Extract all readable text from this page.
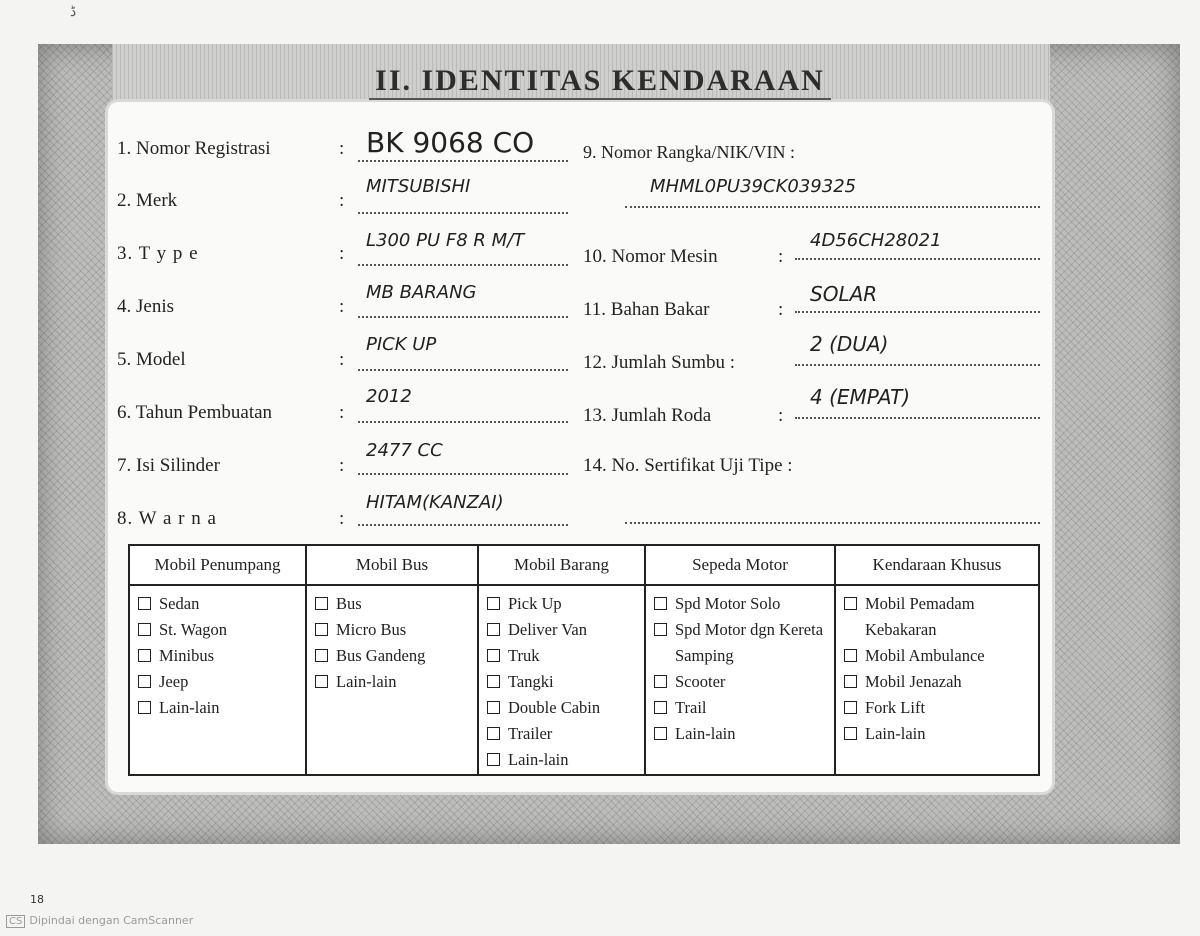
II. IDENTITAS KENDARAAN
1. Nomor Registrasi	: BK 9068 CO
2. Merk	:
MITSUBISHI
3. T y p e	:
L300 PU F8 R M/T
4. Jenis	:
MB BARANG
5. Model	:
PICK UP
6. Tahun Pembuatan	:
2012
7. Isi Silinder	:
2477 CC
8. W a r n a	:
HITAM(KANZAI)
9. Nomor Rangka/NIK/VIN :
MHML0PU39CK039325
10. Nomor Mesin	:
4D56CH28021
11. Bahan Bakar	:
SOLAR
12. Jumlah Sumbu :
2 (DUA)
13. Jumlah Roda	:
4 (EMPAT)
14. No. Sertifikat Uji Tipe :
Mobil Penumpang
Sedan
St. Wagon
Minibus
Jeep
Lain-lain
Mobil Bus
Bus
Micro Bus
Bus Gandeng
Lain-lain
Mobil Barang
Pick Up
Deliver Van
Truk
Tangki
Double Cabin
Trailer
Lain-lain
Sepeda Motor
Spd Motor Solo
Spd Motor dgn Kereta Samping
Scooter
Trail
Lain-lain
Kendaraan Khusus
Mobil Pemadam Kebakaran
Mobil Ambulance
Mobil Jenazah
Fork Lift
Lain-lain
ڈ
18
CS Dipindai dengan CamScanner
